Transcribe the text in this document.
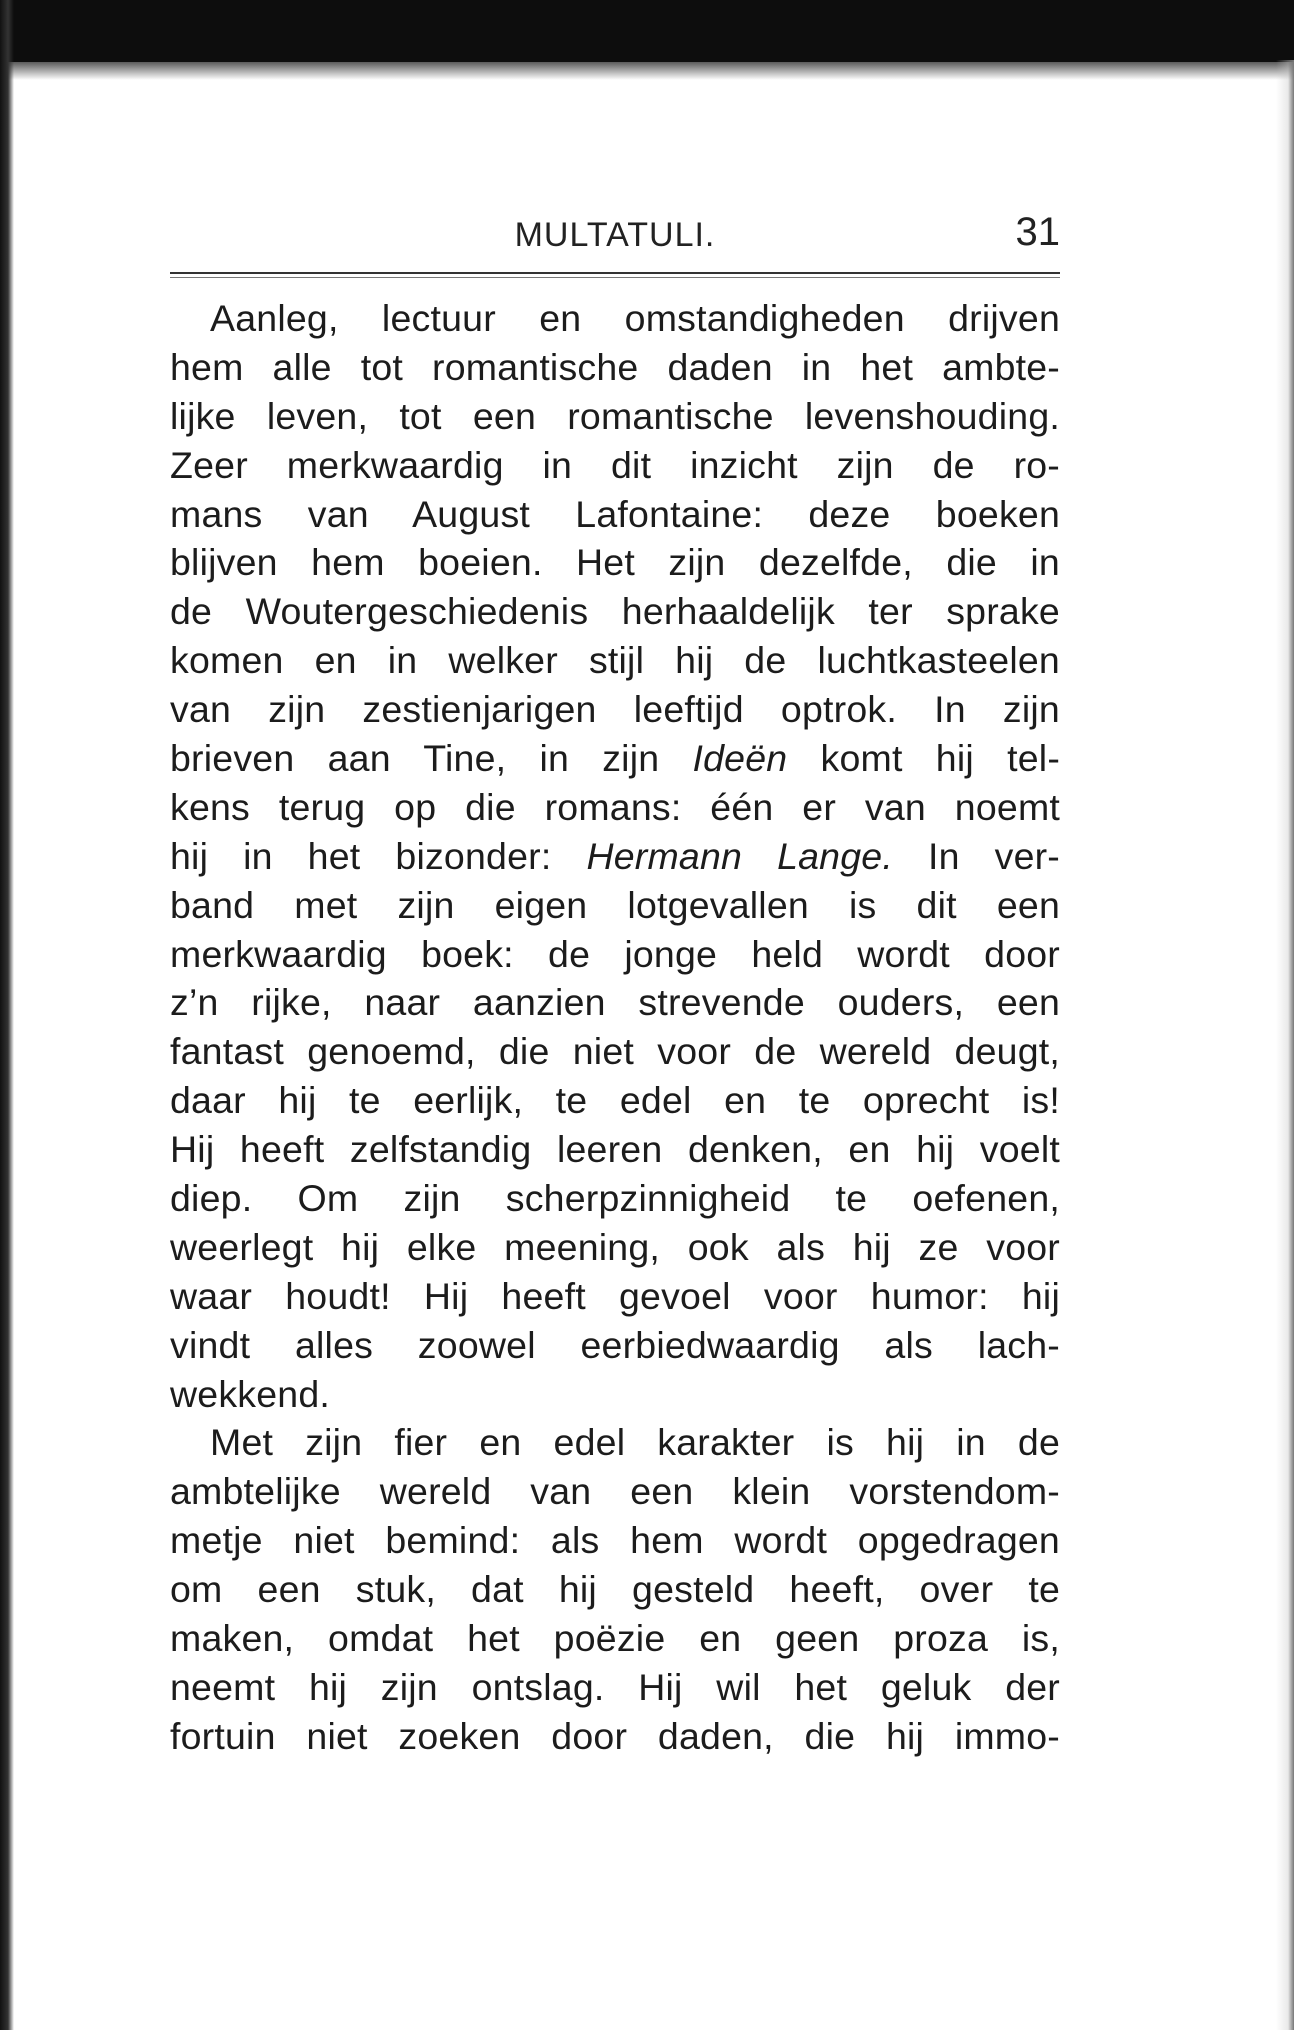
MULTATULI.	31
Aanleg, lectuur en omstandigheden drijven
hem alle tot romantische daden in het ambte-
lijke leven, tot een romantische levenshouding.
Zeer merkwaardig in dit inzicht zijn de ro-
mans van August Lafontaine: deze boeken
blijven hem boeien. Het zijn dezelfde, die in
de Woutergeschiedenis herhaaldelijk ter sprake
komen en in welker stijl hij de luchtkasteelen
van zijn zestienjarigen leeftijd optrok. In zijn
brieven aan Tine, in zijn Ideën komt hij tel-
kens terug op die romans: één er van noemt
hij in het bizonder: Hermann Lange. In ver-
band met zijn eigen lotgevallen is dit een
merkwaardig boek: de jonge held wordt door
z’n rijke, naar aanzien strevende ouders, een
fantast genoemd, die niet voor de wereld deugt,
daar hij te eerlijk, te edel en te oprecht is!
Hij heeft zelfstandig leeren denken, en hij voelt
diep. Om zijn scherpzinnigheid te oefenen,
weerlegt hij elke meening, ook als hij ze voor
waar houdt! Hij heeft gevoel voor humor: hij
vindt alles zoowel eerbiedwaardig als lach-
wekkend.
Met zijn fier en edel karakter is hij in de
ambtelijke wereld van een klein vorstendom-
metje niet bemind: als hem wordt opgedragen
om een stuk, dat hij gesteld heeft, over te
maken, omdat het poëzie en geen proza is,
neemt hij zijn ontslag. Hij wil het geluk der
fortuin niet zoeken door daden, die hij immo-
